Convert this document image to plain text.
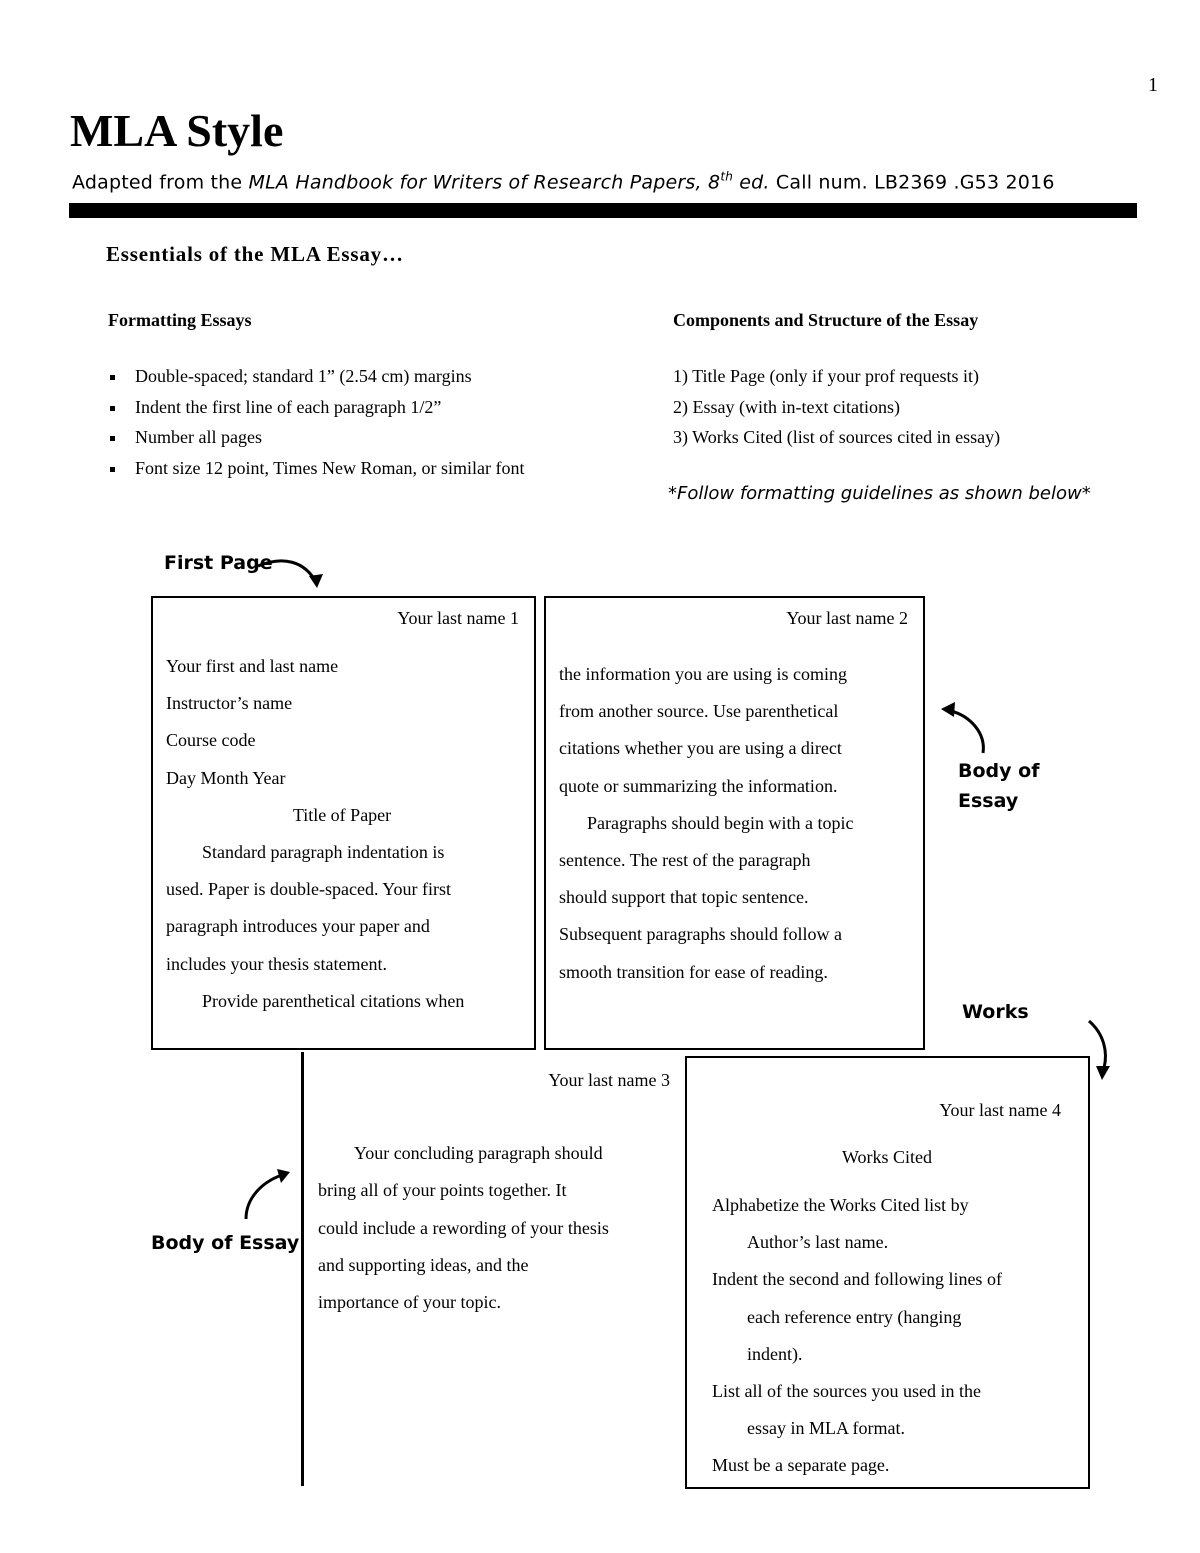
1
MLA Style
Adapted from the MLA Handbook for Writers of Research Papers, 8th ed. Call num. LB2369 .G53 2016
Essentials of the MLA Essay…
Formatting Essays
Double-spaced; standard 1” (2.54 cm) margins
Indent the first line of each paragraph 1/2”
Number all pages
Font size 12 point, Times New Roman, or similar font
Components and Structure of the Essay
1) Title Page (only if your prof requests it)
2) Essay (with in-text citations)
3) Works Cited (list of sources cited in essay)
*Follow formatting guidelines as shown below*
First Page
Body of
Essay
Works
Body of Essay
Your last name 1
Your first and last name
Instructor’s name
Course code
Day Month Year
Title of Paper
Standard paragraph indentation is
used. Paper is double-spaced. Your first
paragraph introduces your paper and
includes your thesis statement.
Provide parenthetical citations when
Your last name 2
the information you are using is coming
from another source. Use parenthetical
citations whether you are using a direct
quote or summarizing the information.
Paragraphs should begin with a topic
sentence. The rest of the paragraph
should support that topic sentence.
Subsequent paragraphs should follow a
smooth transition for ease of reading.
Your last name 3
Your concluding paragraph should
bring all of your points together. It
could include a rewording of your thesis
and supporting ideas, and the
importance of your topic.
Your last name 4
Works Cited
Alphabetize the Works Cited list by
Author’s last name.
Indent the second and following lines of
each reference entry (hanging
indent).
List all of the sources you used in the
essay in MLA format.
Must be a separate page.
